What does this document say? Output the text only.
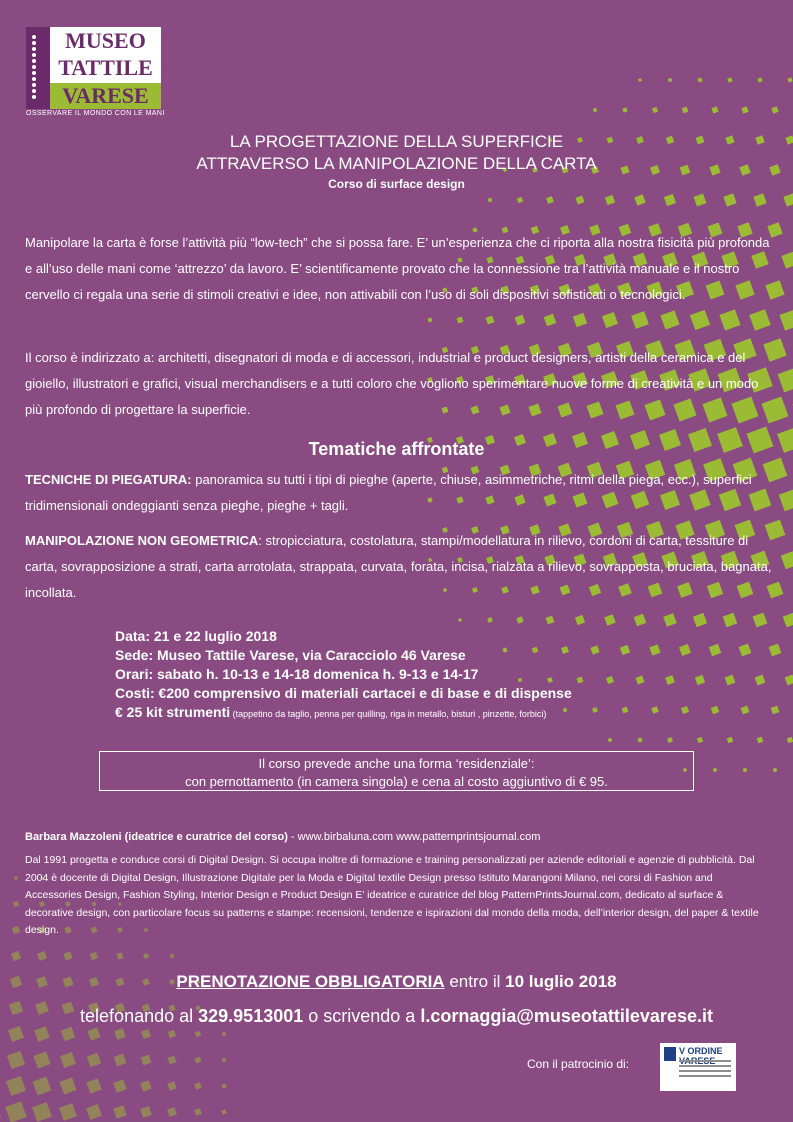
MUSEO
TATTILE
VARESE
OSSERVARE IL MONDO CON LE MANI
LA PROGETTAZIONE DELLA SUPERFICIE
ATTRAVERSO LA MANIPOLAZIONE DELLA CARTA
Corso di surface design
Manipolare la carta è forse l’attività più “low-tech” che si possa fare. E’ un’esperienza che ci riporta alla nostra fisicità più profonda e all’uso delle mani come ‘attrezzo’ da lavoro. E’ scientificamente provato che la connessione tra l’attività manuale e il nostro cervello ci regala una serie di stimoli creativi e idee, non attivabili con l’uso di soli dispositivi sofisticati o tecnologici.
Il corso è indirizzato a: architetti, disegnatori di moda e di accessori, industrial e product designers, artisti della ceramica e del gioiello, illustratori e grafici, visual merchandisers e a tutti coloro che vogliono sperimentare nuove forme di creatività e un modo più profondo di progettare la superficie.
Tematiche affrontate
TECNICHE DI PIEGATURA: panoramica su tutti i tipi di pieghe (aperte, chiuse, asimmetriche, ritmi della piega, ecc.), superfici tridimensionali ondeggianti senza pieghe, pieghe + tagli.
MANIPOLAZIONE NON GEOMETRICA: stropicciatura, costolatura, stampi/modellatura in rilievo, cordoni di carta, tessiture di carta, sovrapposizione a strati, carta arrotolata, strappata, curvata, forata, incisa, rialzata a rilievo, sovrapposta, bruciata, bagnata, incollata.
Data: 21 e 22 luglio 2018
Sede: Museo Tattile Varese, via Caracciolo 46 Varese
Orari: sabato h. 10-13 e 14-18 domenica h. 9-13 e 14-17
Costi: €200 comprensivo di materiali cartacei e di base e di dispense
€ 25 kit strumenti (tappetino da taglio, penna per quilling, riga in metallo, bisturi , pinzette, forbici)
Il corso prevede anche una forma ‘residenziale’:
con pernottamento (in camera singola) e cena al costo aggiuntivo di € 95.
Barbara Mazzoleni (ideatrice e curatrice del corso) - www.birbaluna.com www.patternprintsjournal.com
Dal 1991 progetta e conduce corsi di Digital Design. Si occupa inoltre di formazione e training personalizzati per aziende editoriali e agenzie di pubblicità. Dal 2004 è docente di Digital Design, Illustrazione Digitale per la Moda e Digital textile Design presso Istituto Marangoni Milano, nei corsi di Fashion and Accessories Design, Fashion Styling, Interior Design e Product Design E’ ideatrice e curatrice del blog PatternPrintsJournal.com, dedicato al surface & decorative design, con particolare focus su patterns e stampe: recensioni, tendenze e ispirazioni dal mondo della moda, dell’interior design, del paper & textile design.
PRENOTAZIONE OBBLIGATORIA entro il 10 luglio 2018
telefonando al 329.9513001 o scrivendo a l.cornaggia@museotattilevarese.it
Con il patrocinio di:
V ORDINE
